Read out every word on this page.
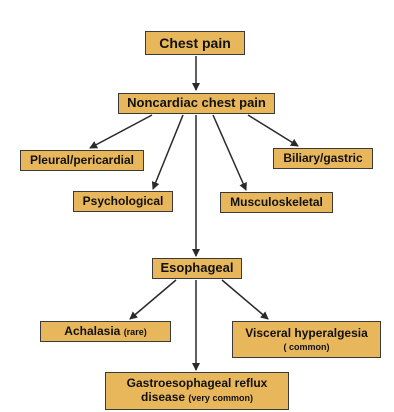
Chest pain
Noncardiac chest pain
Pleural/pericardial	Biliary/gastric
Psychological	Musculoskeletal
Esophageal
Achalasia (rare)	Visceral hyperalgesia
( common)
Gastroesophageal reflux
disease (very common)
